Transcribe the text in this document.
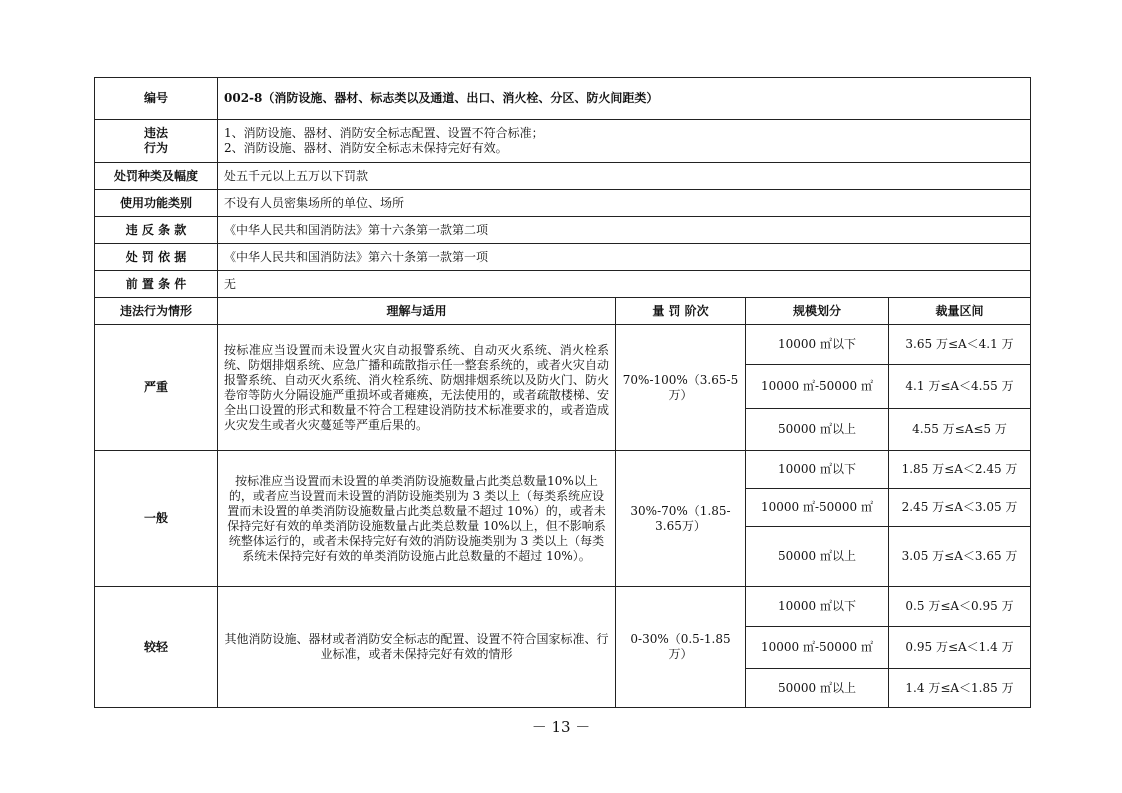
编号	002-8（消防设施、器材、标志类以及通道、出口、消火栓、分区、防火间距类）			

违法
行为	1、消防设施、器材、消防安全标志配置、设置不符合标准；
2、消防设施、器材、消防安全标志未保持完好有效。			

处罚种类及幅度	处五千元以上五万以下罚款			
使用功能类别	不设有人员密集场所的单位、场所			
违 反 条 款	《中华人民共和国消防法》第十六条第一款第二项			
处 罚 依 据	《中华人民共和国消防法》第六十条第一款第一项			
前 置 条 件	无			
违法行为情形	理解与适用	量 罚 阶次	规模划分	裁量区间
严重	按标准应当设置而未设置火灾自动报警系统、自动灭火系统、消火栓系统、防烟排烟系统、应急广播和疏散指示任一整套系统的，或者火灾自动报警系统、自动灭火系统、消火栓系统、防烟排烟系统以及防火门、防火卷帘等防火分隔设施严重损坏或者瘫痪，无法使用的，或者疏散楼梯、安全出口设置的形式和数量不符合工程建设消防技术标准要求的，或者造成火灾发生或者火灾蔓延等严重后果的。	70%-100%（3.65-5万）	10000 ㎡以下	3.65 万≤A＜4.1 万
			10000 ㎡-50000 ㎡	4.1 万≤A＜4.55 万
			50000 ㎡以上	4.55 万≤A≤5 万
一般	按标准应当设置而未设置的单类消防设施数量占此类总数量10%以上的，或者应当设置而未设置的消防设施类别为 3 类以上（每类系统应设置而未设置的单类消防设施数量占此类总数量不超过 10%）的，或者未保持完好有效的单类消防设施数量占此类总数量 10%以上，但不影响系统整体运行的，或者未保持完好有效的消防设施类别为 3 类以上（每类系统未保持完好有效的单类消防设施占此总数量的不超过 10%）。	30%-70%（1.85-3.65万）	10000 ㎡以下	1.85 万≤A＜2.45 万
			10000 ㎡-50000 ㎡	2.45 万≤A＜3.05 万
			50000 ㎡以上	3.05 万≤A＜3.65 万
较轻	其他消防设施、器材或者消防安全标志的配置、设置不符合国家标准、行业标准，或者未保持完好有效的情形	0-30%（0.5-1.85 万）	10000 ㎡以下	0.5 万≤A＜0.95 万
			10000 ㎡-50000 ㎡	0.95 万≤A＜1.4 万
			50000 ㎡以上	1.4 万≤A＜1.85 万
－ 13 －
